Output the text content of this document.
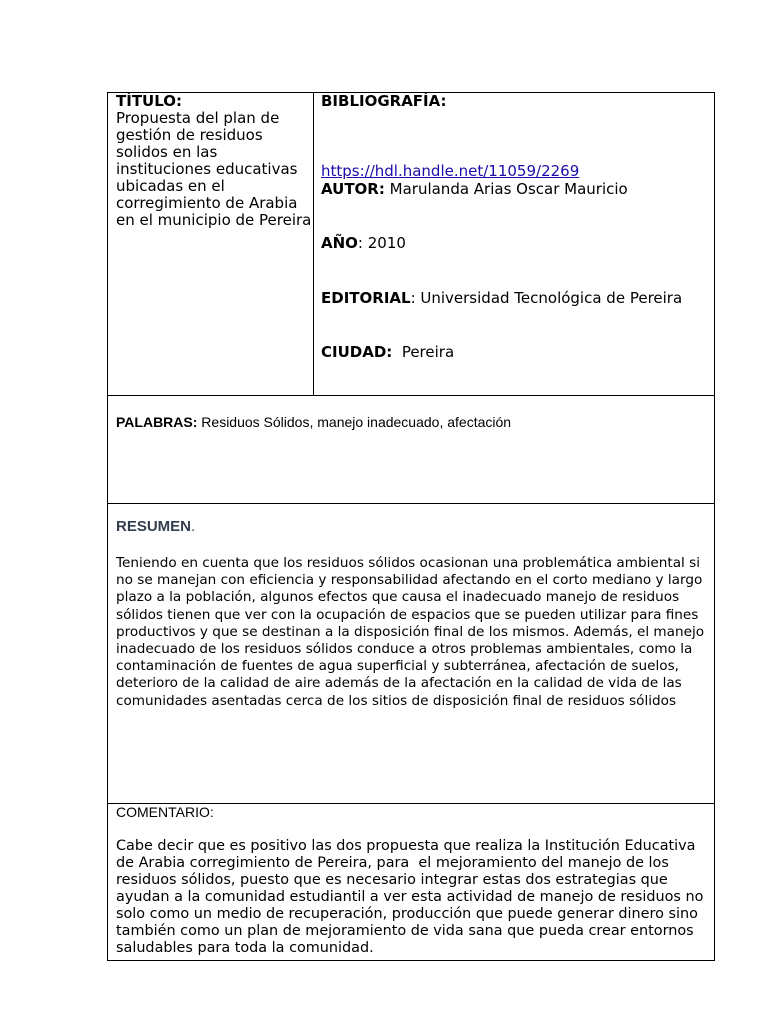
TÍTULO:

Propuesta del plan de gestión de residuos solidos en las instituciones educativas ubicadas en el corregimiento de Arabia en el municipio de Pereira

BIBLIOGRAFÍA:

https://hdl.handle.net/11059/2269

AUTOR: Marulanda Arias Oscar Mauricio

AÑO: 2010

EDITORIAL: Universidad Tecnológica de Pereira

CIUDAD:  Pereira

PALABRAS: Residuos Sólidos, manejo inadecuado, afectación

RESUMEN.

Teniendo en cuenta que los residuos sólidos ocasionan una problemática ambiental si no se manejan con eficiencia y responsabilidad afectando en el corto mediano y largo plazo a la población, algunos efectos que causa el inadecuado manejo de residuos sólidos tienen que ver con la ocupación de espacios que se pueden utilizar para fines productivos y que se destinan a la disposición final de los mismos. Además, el manejo inadecuado de los residuos sólidos conduce a otros problemas ambientales, como la contaminación de fuentes de agua superficial y subterránea, afectación de suelos, deterioro de la calidad de aire además de la afectación en la calidad de vida de las comunidades asentadas cerca de los sitios de disposición final de residuos sólidos

COMENTARIO:

Cabe decir que es positivo las dos propuesta que realiza la Institución Educativa de Arabia corregimiento de Pereira, para  el mejoramiento del manejo de los residuos sólidos, puesto que es necesario integrar estas dos estrategias que ayudan a la comunidad estudiantil a ver esta actividad de manejo de residuos no solo como un medio de recuperación, producción que puede generar dinero sino también como un plan de mejoramiento de vida sana que pueda crear entornos saludables para toda la comunidad.
